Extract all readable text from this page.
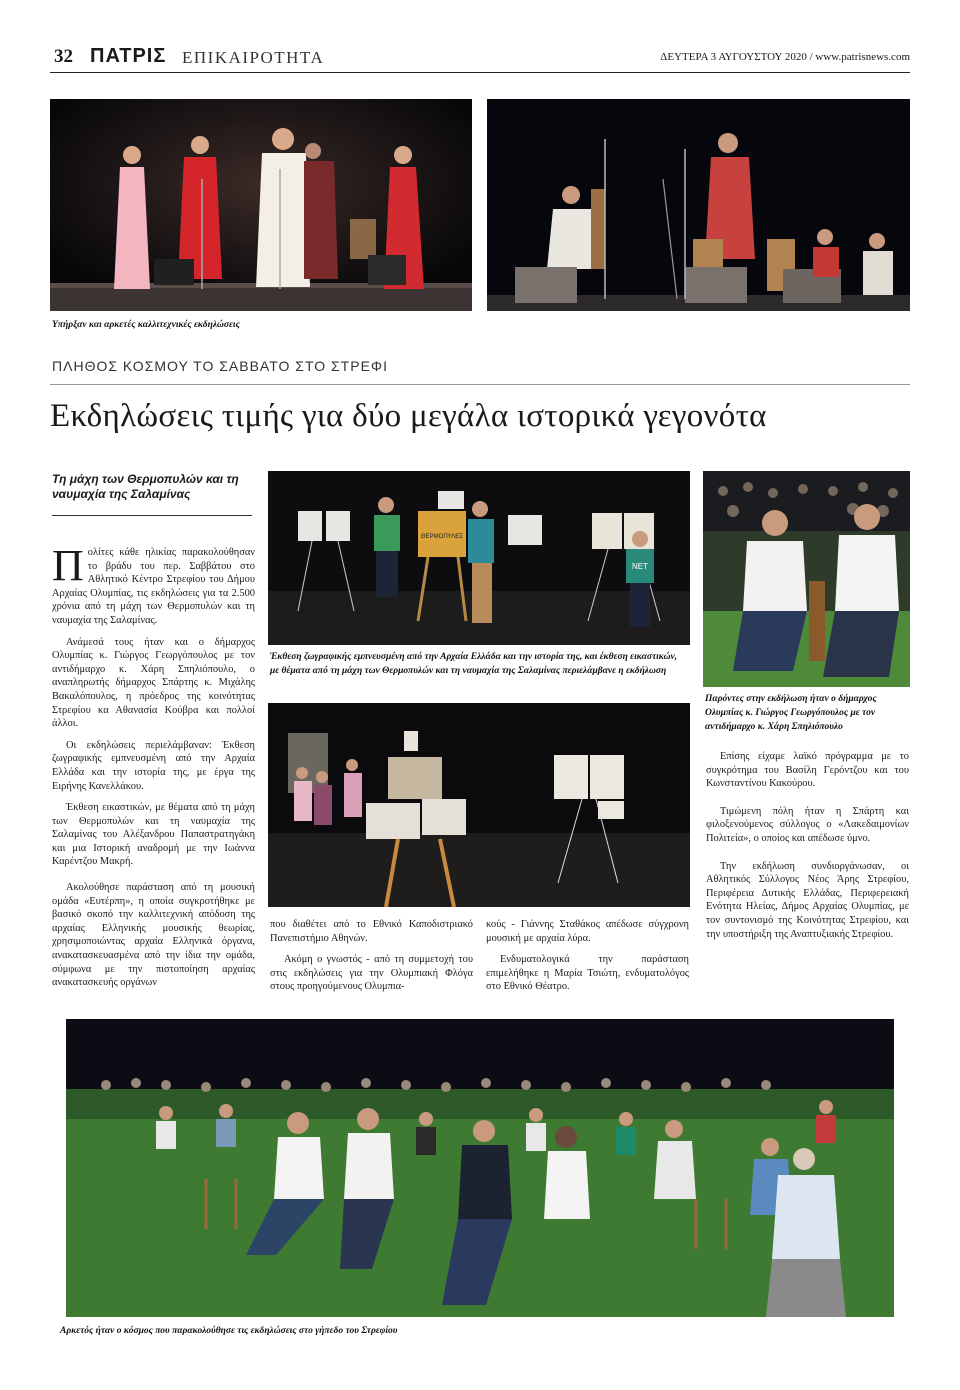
32 ΠΑΤΡΙΣ ΕΠΙΚΑΙΡΟΤΗΤΑ	ΔΕΥΤΕΡΑ 3 ΑΥΓΟΥΣΤΟΥ 2020 / www.patrisnews.com
Υπήρξαν και αρκετές καλλιτεχνικές εκδηλώσεις
ΠΛΗΘΟΣ ΚΟΣΜΟΥ ΤΟ ΣΑΒΒΑΤΟ ΣΤΟ ΣΤΡΕΦΙ
Εκδηλώσεις τιμής για δύο μεγάλα ιστορικά γεγονότα
Τη μάχη των Θερμοπυλών και τη ναυμαχία της Σαλαμίνας

Πολίτες κάθε ηλικίας παρακολούθησαν το βράδυ του περ. Σαββάτου στο Αθλητικό Κέντρο Στρεφίου του Δήμου Αρχαίας Ολυμπίας, τις εκδηλώσεις για τα 2.500 χρόνια από τη μάχη των Θερμοπυλών και τη ναυμαχία της Σαλαμίνας.

Ανάμεσά τους ήταν και ο δήμαρχος Ολυμπίας κ. Γιώργος Γεωργόπουλος με τον αντιδήμαρχο κ. Χάρη Σπηλιόπουλο, ο αναπληρωτής δήμαρχος Σπάρτης κ. Μιχάλης Βακαλόπουλος, η πρόεδρος της κοινότητας Στρεφίου κα Αθανασία Κούβρα και πολλοί άλλοι.

Οι εκδηλώσεις περιελάμβαναν: Έκθεση ζωγραφικής εμπνευσμένη από την Αρχαία Ελλάδα και την ιστορία της, με έργα της Ειρήνης Κανελλάκου.

Έκθεση εικαστικών, με θέματα από τη μάχη των Θερμοπυλών και τη ναυμαχία της Σαλαμίνας του Αλέξανδρου Παπαστρατηγάκη και μια Ιστορική αναδρομή με την Ιωάννα Καρέντζου Μακρή.

Ακολούθησε παράσταση από τη μουσική ομάδα «Ευτέρπη», η οποία συγκροτήθηκε με βασικό σκοπό την καλλιτεχνική απόδοση της αρχαίας Ελληνικής μουσικής θεωρίας, χρησιμοποιώντας αρχαία Ελληνικά όργανα, ανακατασκευασμένα από την ίδια την ομάδα, σύμφωνα με την πιστοποίηση αρχαίας ανακατασκευής οργάνων

ΘΕΡΜΟΠΥΛΕΣ
NET
Έκθεση ζωγραφικής εμπνευσμένη από την Αρχαία Ελλάδα και την ιστορία της, και έκθεση εικαστικών, με θέματα από τη μάχη των Θερμοπυλών και τη ναυμαχία της Σαλαμίνας περιελάμβανε η εκδήλωση
Παρόντες στην εκδήλωση ήταν ο δήμαρχος Ολυμπίας κ. Γιώργος Γεωργόπουλος με τον αντιδήμαρχο κ. Χάρη Σπηλιόπουλο

που διαθέτει από το Εθνικό Καποδιστριακό Πανεπιστήμιο Αθηνών.

Ακόμη ο γνωστός - από τη συμμετοχή του στις εκδηλώσεις για την Ολυμπιακή Φλόγα στους προηγούμενους Ολυμπια-

κούς - Γιάννης Σταθάκος απέδωσε σύγχρονη μουσική με αρχαία λύρα.

Ενδυματολογικά την παράσταση επιμελήθηκε η Μαρία Τσιώτη, ενδυματολόγος στο Εθνικό Θέατρο.

Επίσης είχαμε λαϊκό πρόγραμμα με το συγκρότημα του Βασίλη Γερόντζου και του Κωνσταντίνου Κακούρου.

Τιμώμενη πόλη ήταν η Σπάρτη και φιλοξενούμενος σύλλογος ο «Λακεδαιμονίων Πολιτεία», ο οποίος και απέδωσε ύμνο.

Την εκδήλωση συνδιοργάνωσαν, οι Αθλητικός Σύλλογος Νέος Άρης Στρεφίου, Περιφέρεια Δυτικής Ελλάδας, Περιφερειακή Ενότητα Ηλείας, Δήμος Αρχαίας Ολυμπίας, με τον συντονισμό της Κοινότητας Στρεφίου, και την υποστήριξη της Αναπτυξιακής Στρεφίου.

Αρκετός ήταν ο κόσμος που παρακολούθησε τις εκδηλώσεις στο γήπεδο του Στρεφίου
